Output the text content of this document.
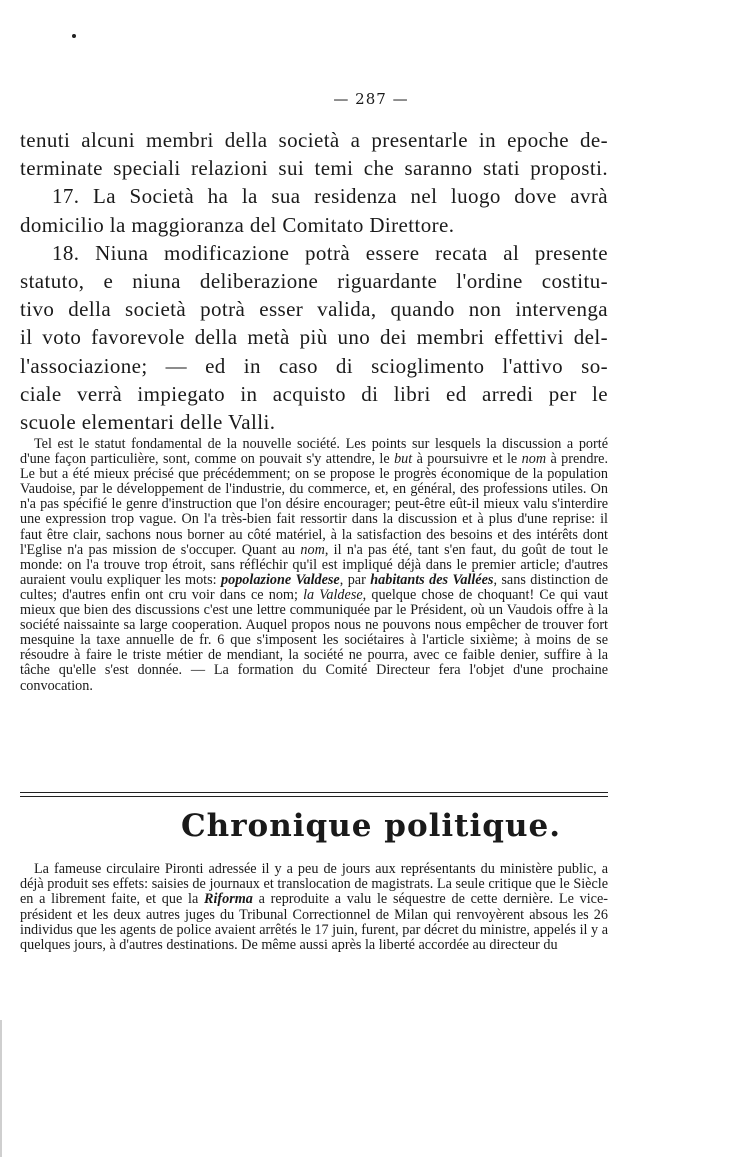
— 287 —

tenuti alcuni membri della società a presentarle in epoche de-

terminate speciali relazioni sui temi che saranno stati proposti.

17. La Società ha la sua residenza nel luogo dove avrà

domicilio la maggioranza del Comitato Direttore.

18. Niuna modificazione potrà essere recata al presente

statuto, e niuna deliberazione riguardante l'ordine costitu-

tivo della società potrà esser valida, quando non intervenga

il voto favorevole della metà più uno dei membri effettivi del-

l'associazione; — ed in caso di scioglimento l'attivo so-

ciale verrà impiegato in acquisto di libri ed arredi per le

scuole elementari delle Valli.

Tel est le statut fondamental de la nouvelle société. Les points sur lesquels la discussion a porté d'une façon particulière, sont, comme on pouvait s'y attendre, le but à poursuivre et le nom à prendre. Le but a été mieux précisé que précédemment; on se propose le progrès économique de la population Vaudoise, par le développement de l'industrie, du commerce, et, en général, des professions utiles. On n'a pas spécifié le genre d'instruction que l'on désire encourager; peut-être eût-il mieux valu s'interdire une expression trop vague. On l'a très-bien fait ressortir dans la discussion et à plus d'une reprise: il faut être clair, sachons nous borner au côté matériel, à la satisfaction des besoins et des intérêts dont l'Eglise n'a pas mission de s'occuper. Quant au nom, il n'a pas été, tant s'en faut, du goût de tout le monde: on l'a trouve trop étroit, sans réfléchir qu'il est impliqué déjà dans le premier article; d'autres auraient voulu expliquer les mots: popolazione Valdese, par habitants des Vallées, sans distinction de cultes; d'autres enfin ont cru voir dans ce nom; la Valdese, quelque chose de choquant! Ce qui vaut mieux que bien des discussions c'est une lettre communiquée par le Président, où un Vaudois offre à la société naissainte sa large cooperation. Auquel propos nous ne pouvons nous empêcher de trouver fort mesquine la taxe annuelle de fr. 6 que s'imposent les sociétaires à l'article sixième; à moins de se résoudre à faire le triste métier de mendiant, la société ne pourra, avec ce faible denier, suffire à la tâche qu'elle s'est donnée. — La formation du Comité Directeur fera l'objet d'une prochaine convocation.

Chronique politique.

La fameuse circulaire Pironti adressée il y a peu de jours aux représentants du ministère public, a déjà produit ses effets: saisies de journaux et translocation de magistrats. La seule critique que le Siècle en a librement faite, et que la Riforma a reproduite a valu le séquestre de cette dernière. Le vice-président et les deux autres juges du Tribunal Correctionnel de Milan qui renvoyèrent absous les 26 individus que les agents de police avaient arrêtés le 17 juin, furent, par décret du ministre, appelés il y a quelques jours, à d'autres destinations. De même aussi après la liberté accordée au directeur du
